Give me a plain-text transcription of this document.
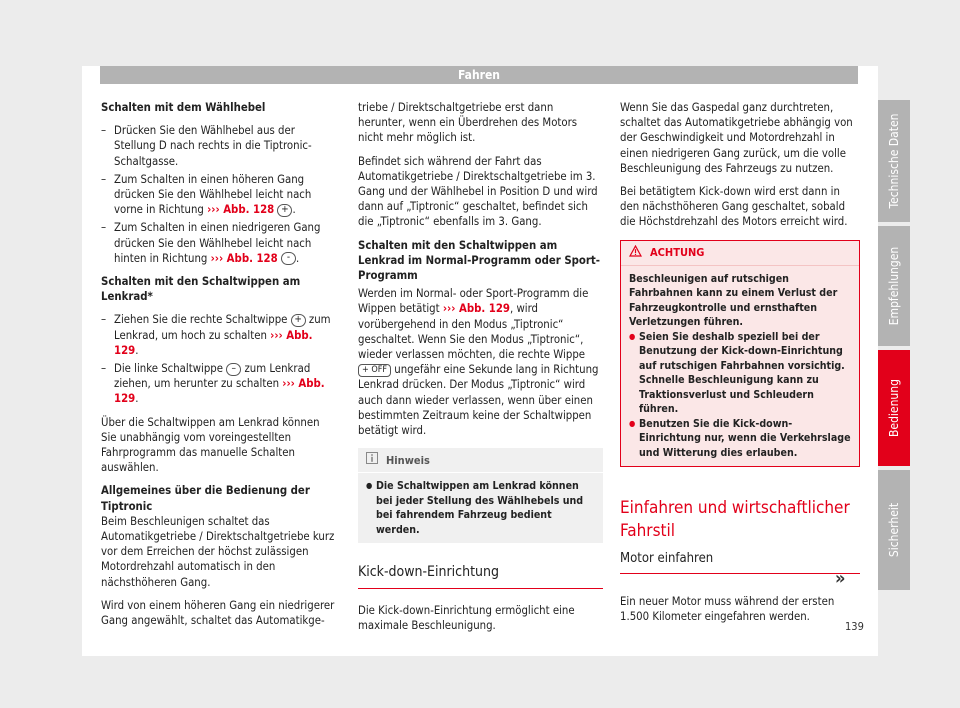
Fahren

Schalten mit dem Wählhebel

– Drücken Sie den Wählhebel aus der Stellung D nach rechts in die Tiptronic-Schaltgasse.
– Zum Schalten in einen höheren Gang drücken Sie den Wählhebel leicht nach vorne in Richtung ››› Abb. 128 + .
– Zum Schalten in einen niedrigeren Gang drücken Sie den Wählhebel leicht nach hinten in Richtung ››› Abb. 128 - .

Schalten mit den Schaltwippen am Lenkrad*

– Ziehen Sie die rechte Schaltwippe + zum Lenkrad, um hoch zu schalten ››› Abb. 129.
– Die linke Schaltwippe – zum Lenkrad ziehen, um herunter zu schalten ››› Abb. 129.

Über die Schaltwippen am Lenkrad können Sie unabhängig vom voreingestellten Fahrprogramm das manuelle Schalten auswählen.

Allgemeines über die Bedienung der Tiptronic

Beim Beschleunigen schaltet das Automatikgetriebe / Direktschaltgetriebe kurz vor dem Erreichen der höchst zulässigen Motordrehzahl automatisch in den nächsthöheren Gang.

Wird von einem höheren Gang ein niedrigerer Gang angewählt, schaltet das Automatikge-

triebe / Direktschaltgetriebe erst dann herunter, wenn ein Überdrehen des Motors nicht mehr möglich ist.

Befindet sich während der Fahrt das Automatikgetriebe / Direktschaltgetriebe im 3. Gang und der Wählhebel in Position D und wird dann auf „Tiptronic“ geschaltet, befindet sich die „Tiptronic“ ebenfalls im 3. Gang.

Schalten mit den Schaltwippen am Lenkrad im Normal-Programm oder Sport-Programm

Werden im Normal- oder Sport-Programm die Wippen betätigt ››› Abb. 129, wird vorübergehend in den Modus „Tiptronic“ geschaltet. Wenn Sie den Modus „Tiptronic“, wieder verlassen möchten, die rechte Wippe + OFF ungefähr eine Sekunde lang in Richtung Lenkrad drücken. Der Modus „Tiptronic“ wird auch dann wieder verlassen, wenn über einen bestimmten Zeitraum keine der Schaltwippen betätigt wird.

Hinweis
● Die Schaltwippen am Lenkrad können bei jeder Stellung des Wählhebels und bei fahrendem Fahrzeug bedient werden.
Kick-down-Einrichtung

Die Kick-down-Einrichtung ermöglicht eine maximale Beschleunigung.

Wenn Sie das Gaspedal ganz durchtreten, schaltet das Automatikgetriebe abhängig von der Geschwindigkeit und Motordrehzahl in einen niedrigeren Gang zurück, um die volle Beschleunigung des Fahrzeugs zu nutzen.

Bei betätigtem Kick-down wird erst dann in den nächsthöheren Gang geschaltet, sobald die Höchstdrehzahl des Motors erreicht wird.

ACHTUNG
Beschleunigen auf rutschigen Fahrbahnen kann zu einem Verlust der Fahrzeugkontrolle und ernsthaften Verletzungen führen.
● Seien Sie deshalb speziell bei der Benutzung der Kick-down-Einrichtung auf rutschigen Fahrbahnen vorsichtig. Schnelle Beschleunigung kann zu Traktionsverlust und Schleudern führen.
● Benutzen Sie die Kick-down-Einrichtung nur, wenn die Verkehrslage und Witterung dies erlauben.
Einfahren und wirtschaftlicher Fahrstil
Motor einfahren

Ein neuer Motor muss während der ersten 1.500 Kilometer eingefahren werden.

»
139
Technische Daten
Empfehlungen
Bedienung
Sicherheit
